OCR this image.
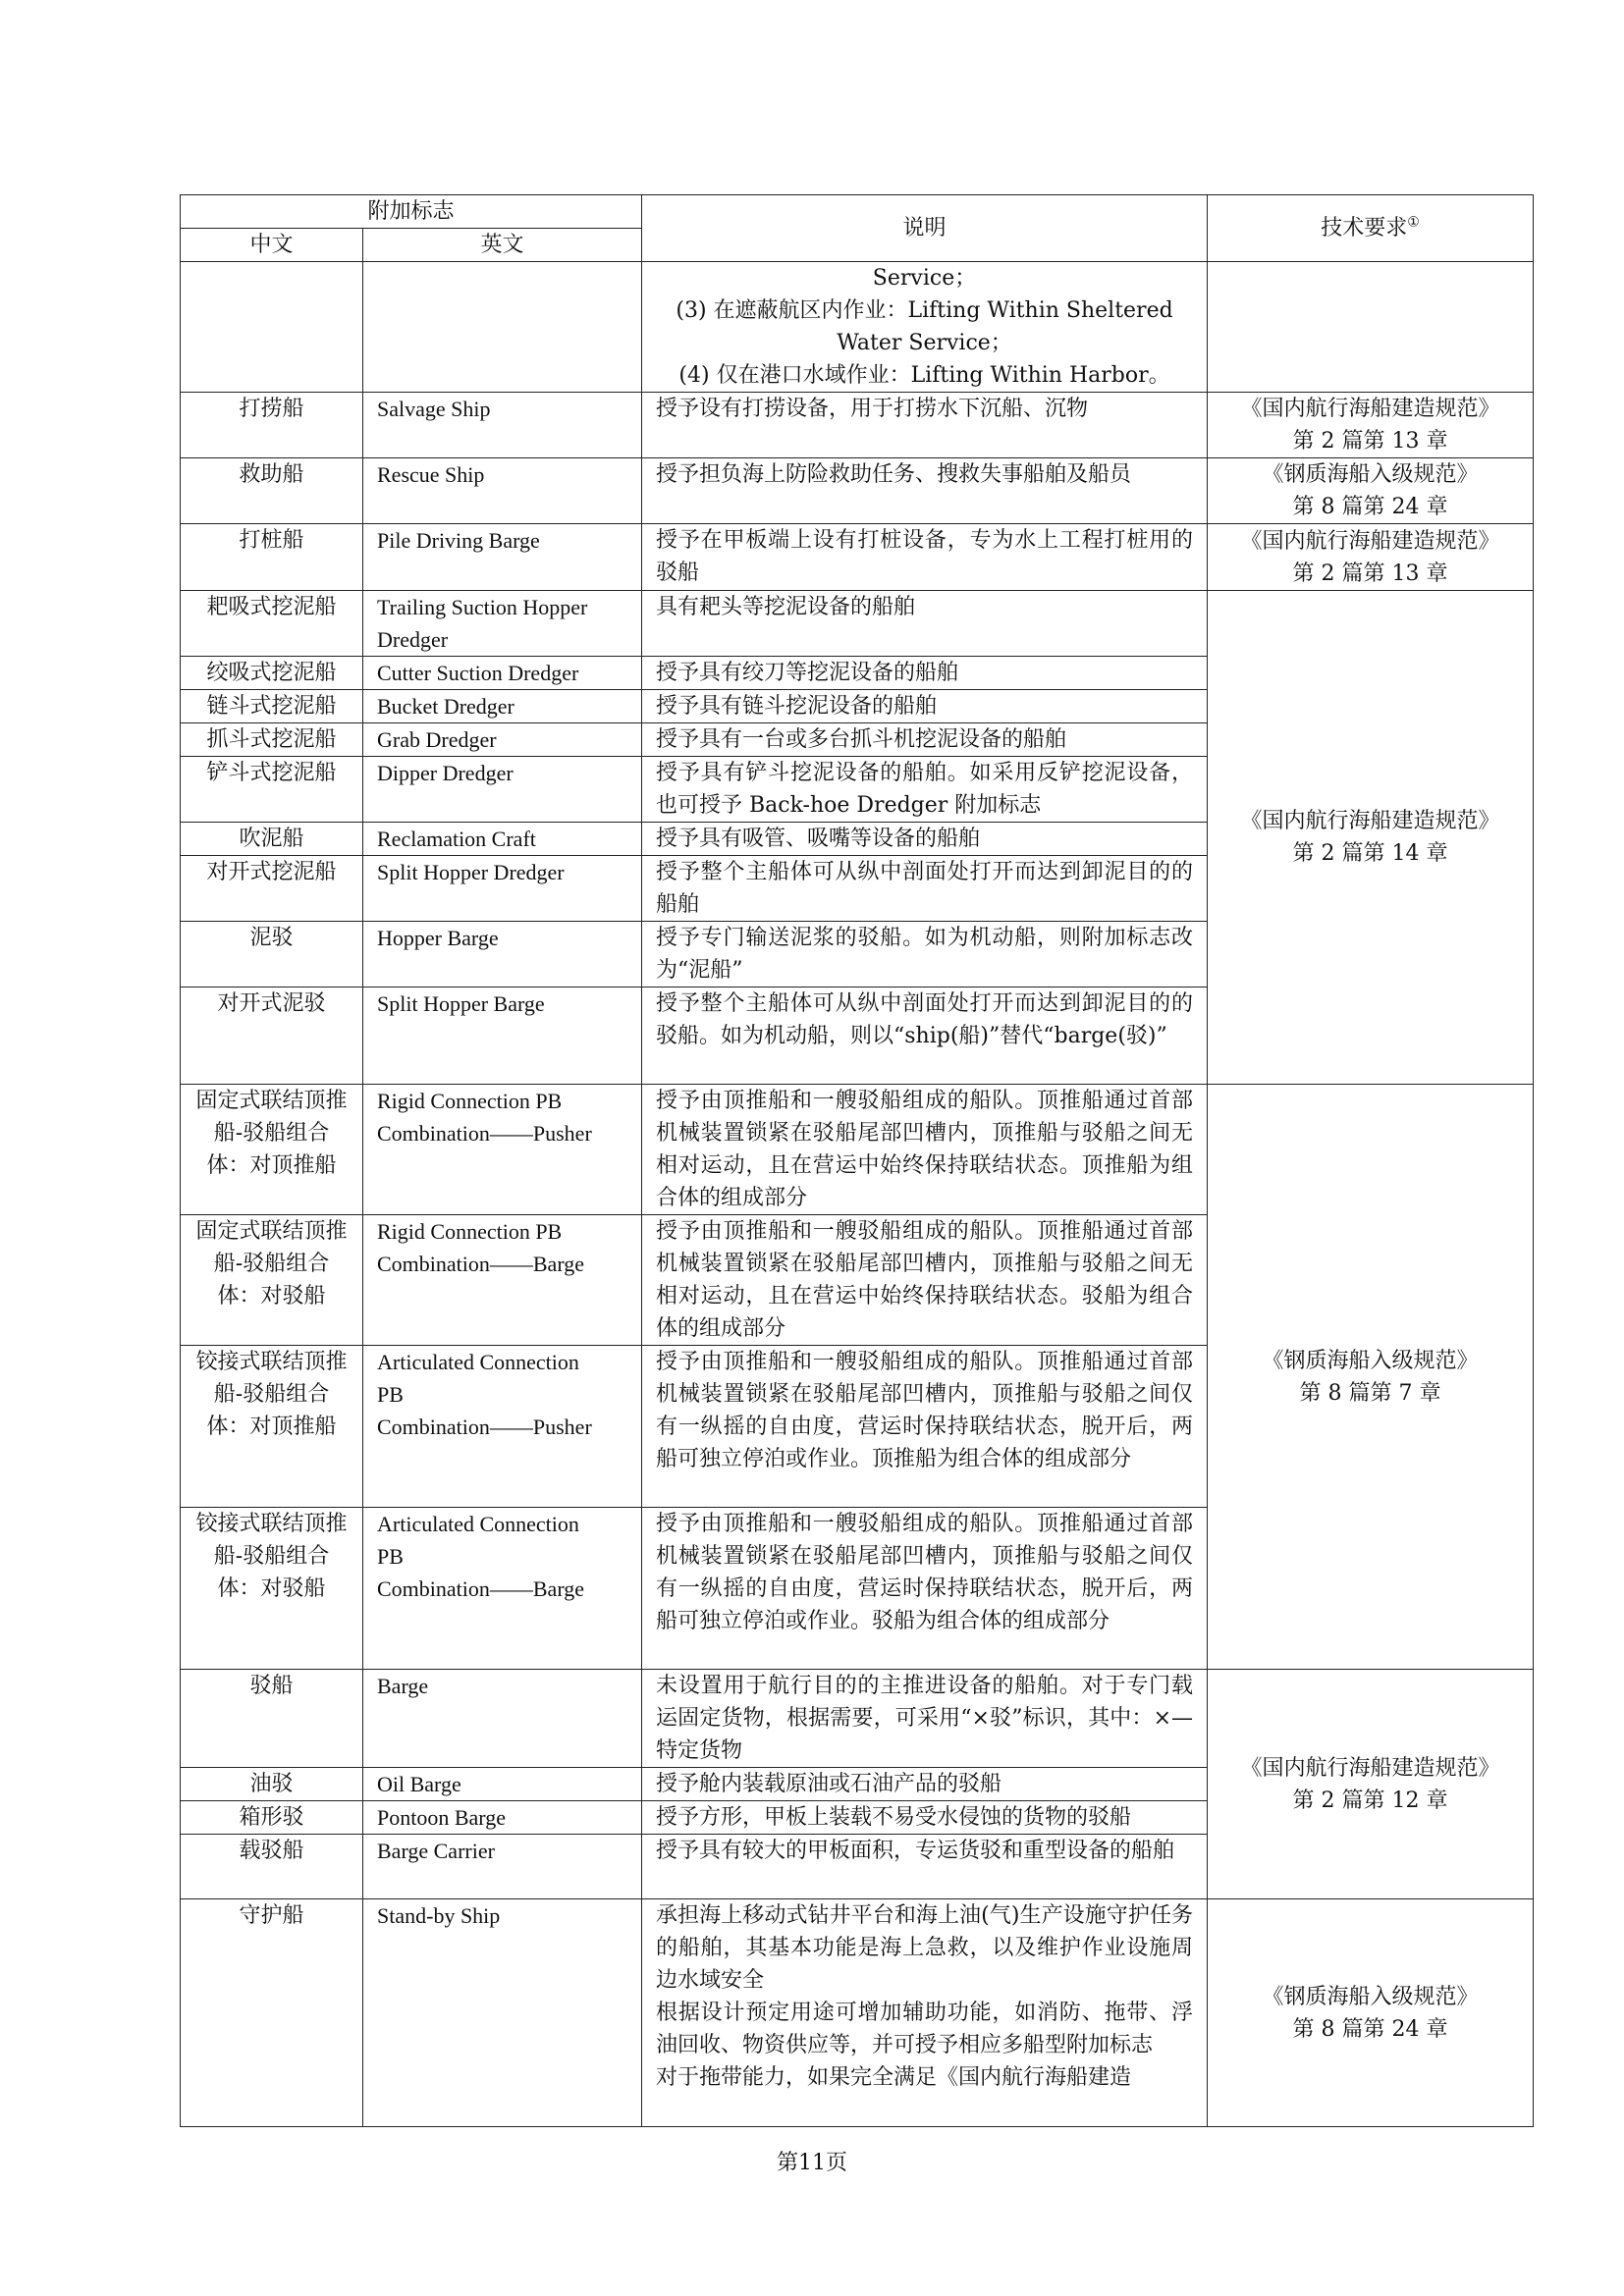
附加标志		说明	技术要求①
中文	英文		

		Service；
(3) 在遮蔽航区内作业：Lifting Within Sheltered
Water Service；
(4) 仅在港口水域作业：Lifting Within Harbor。	

打捞船	Salvage Ship	授予设有打捞设备，用于打捞水下沉船、沉物	《国内航行海船建造规范》
第 2 篇第 13 章

救助船	Rescue Ship	授予担负海上防险救助任务、搜救失事船舶及船员	《钢质海船入级规范》
第 8 篇第 24 章

打桩船	Pile Driving Barge	授予在甲板端上设有打桩设备，专为水上工程打桩用的驳船	《国内航行海船建造规范》
第 2 篇第 13 章

耙吸式挖泥船	Trailing Suction Hopper Dredger	具有耙头等挖泥设备的船舶	《国内航行海船建造规范》
第 2 篇第 14 章

绞吸式挖泥船	Cutter Suction Dredger	授予具有绞刀等挖泥设备的船舶	
链斗式挖泥船	Bucket Dredger	授予具有链斗挖泥设备的船舶	
抓斗式挖泥船	Grab Dredger	授予具有一台或多台抓斗机挖泥设备的船舶	
铲斗式挖泥船	Dipper Dredger	授予具有铲斗挖泥设备的船舶。如采用反铲挖泥设备，也可授予 Back-hoe Dredger 附加标志	
吹泥船	Reclamation Craft	授予具有吸管、吸嘴等设备的船舶	
对开式挖泥船	Split Hopper Dredger	授予整个主船体可从纵中剖面处打开而达到卸泥目的的船舶	
泥驳	Hopper Barge	授予专门输送泥浆的驳船。如为机动船，则附加标志改为“泥船”	
对开式泥驳	Split Hopper Barge	授予整个主船体可从纵中剖面处打开而达到卸泥目的的驳船。如为机动船，则以“ship(船)”替代“barge(驳)”	
固定式联结顶推船-驳船组合体：对顶推船	Rigid Connection PB
Combination——Pusher	授予由顶推船和一艘驳船组成的船队。顶推船通过首部机械装置锁紧在驳船尾部凹槽内，顶推船与驳船之间无相对运动，且在营运中始终保持联结状态。顶推船为组合体的组成部分	《钢质海船入级规范》
第 8 篇第 7 章

固定式联结顶推船-驳船组合体：对驳船	Rigid Connection PB
Combination——Barge	授予由顶推船和一艘驳船组成的船队。顶推船通过首部机械装置锁紧在驳船尾部凹槽内，顶推船与驳船之间无相对运动，且在营运中始终保持联结状态。驳船为组合体的组成部分	
铰接式联结顶推船-驳船组合体：对顶推船	Articulated Connection
PB
Combination——Pusher	授予由顶推船和一艘驳船组成的船队。顶推船通过首部机械装置锁紧在驳船尾部凹槽内，顶推船与驳船之间仅有一纵摇的自由度，营运时保持联结状态，脱开后，两船可独立停泊或作业。顶推船为组合体的组成部分	
铰接式联结顶推船-驳船组合体：对驳船	Articulated Connection
PB
Combination——Barge	授予由顶推船和一艘驳船组成的船队。顶推船通过首部机械装置锁紧在驳船尾部凹槽内，顶推船与驳船之间仅有一纵摇的自由度，营运时保持联结状态，脱开后，两船可独立停泊或作业。驳船为组合体的组成部分	
驳船	Barge	未设置用于航行目的的主推进设备的船舶。对于专门载运固定货物，根据需要，可采用“×驳”标识，其中：×—特定货物	《国内航行海船建造规范》
第 2 篇第 12 章

油驳	Oil Barge	授予舱内装载原油或石油产品的驳船	
箱形驳	Pontoon Barge	授予方形，甲板上装载不易受水侵蚀的货物的驳船	
载驳船	Barge Carrier	授予具有较大的甲板面积，专运货驳和重型设备的船舶	
守护船	Stand-by Ship	承担海上移动式钻井平台和海上油(气)生产设施守护任务的船舶，其基本功能是海上急救，以及维护作业设施周边水域安全
根据设计预定用途可增加辅助功能，如消防、拖带、浮油回收、物资供应等，并可授予相应多船型附加标志
对于拖带能力，如果完全满足《国内航行海船建造	《钢质海船入级规范》
第 8 篇第 24 章
第11页
